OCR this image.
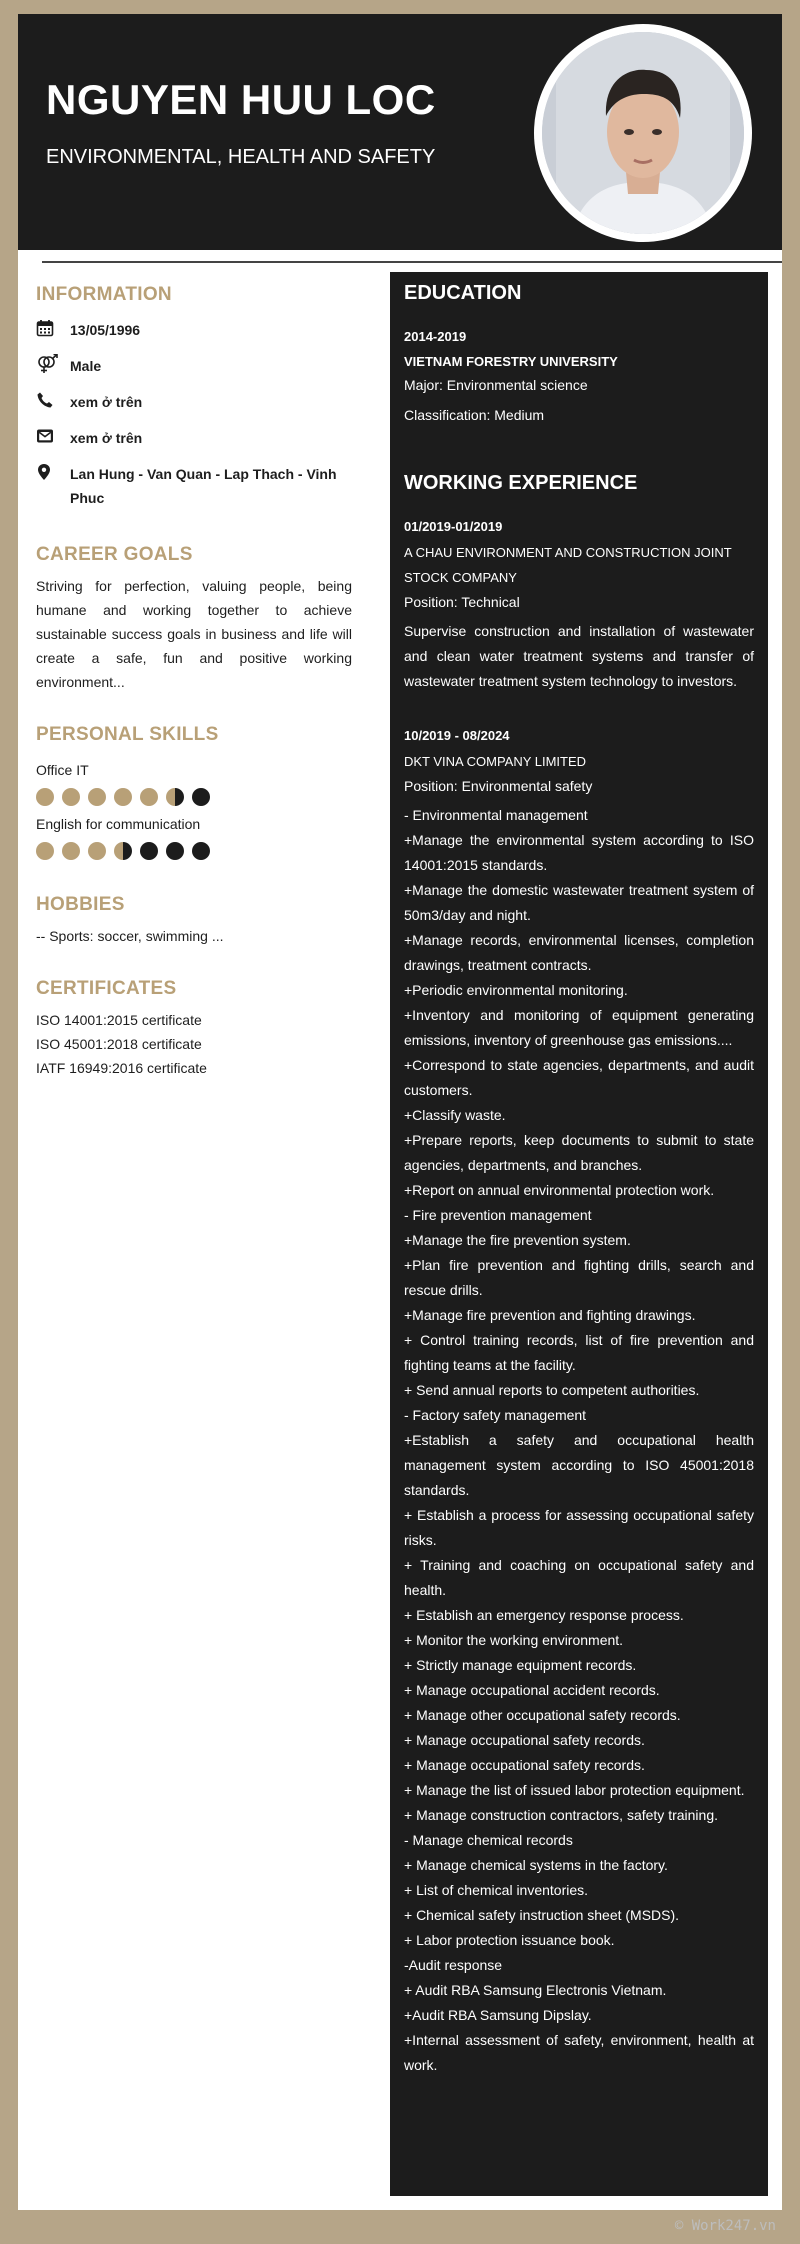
NGUYEN HUU LOC
ENVIRONMENTAL, HEALTH AND SAFETY
INFORMATION
13/05/1996
Male
xem ở trên
xem ở trên
Lan Hung - Van Quan - Lap Thach - Vinh Phuc
CAREER GOALS
Striving for perfection, valuing people, being humane and working together to achieve sustainable success goals in business and life will create a safe, fun and positive working environment...
PERSONAL SKILLS
Office IT
English for communication
HOBBIES
-- Sports: soccer, swimming ...
CERTIFICATES
ISO 14001:2015 certificate
ISO 45001:2018 certificate
IATF 16949:2016 certificate
EDUCATION
2014-2019
VIETNAM FORESTRY UNIVERSITY
Major: Environmental science
Classification: Medium
WORKING EXPERIENCE
01/2019-01/2019
A CHAU ENVIRONMENT AND CONSTRUCTION JOINT STOCK COMPANY
Position: Technical
Supervise construction and installation of wastewater and clean water treatment systems and transfer of wastewater treatment system technology to investors.
10/2019 - 08/2024
DKT VINA COMPANY LIMITED
Position: Environmental safety
- Environmental management
+Manage the environmental system according to ISO 14001:2015 standards.
+Manage the domestic wastewater treatment system of 50m3/day and night.
+Manage records, environmental licenses, completion drawings, treatment contracts.
+Periodic environmental monitoring.
+Inventory and monitoring of equipment generating emissions, inventory of greenhouse gas emissions....
+Correspond to state agencies, departments, and audit customers.
+Classify waste.
+Prepare reports, keep documents to submit to state agencies, departments, and branches.
+Report on annual environmental protection work.
- Fire prevention management
+Manage the fire prevention system.
+Plan fire prevention and fighting drills, search and rescue drills.
+Manage fire prevention and fighting drawings.
+ Control training records, list of fire prevention and fighting teams at the facility.
+ Send annual reports to competent authorities.
- Factory safety management
+Establish a safety and occupational health management system according to ISO 45001:2018 standards.
+ Establish a process for assessing occupational safety risks.
+ Training and coaching on occupational safety and health.
+ Establish an emergency response process.
+ Monitor the working environment.
+ Strictly manage equipment records.
+ Manage occupational accident records.
+ Manage other occupational safety records.
+ Manage occupational safety records.
+ Manage occupational safety records.
+ Manage the list of issued labor protection equipment.
+ Manage construction contractors, safety training.
- Manage chemical records
+ Manage chemical systems in the factory.
+ List of chemical inventories.
+ Chemical safety instruction sheet (MSDS).
+ Labor protection issuance book.
-Audit response
+ Audit RBA Samsung Electronis Vietnam.
+Audit RBA Samsung Dipslay.
+Internal assessment of safety, environment, health at work.
© Work247.vn
